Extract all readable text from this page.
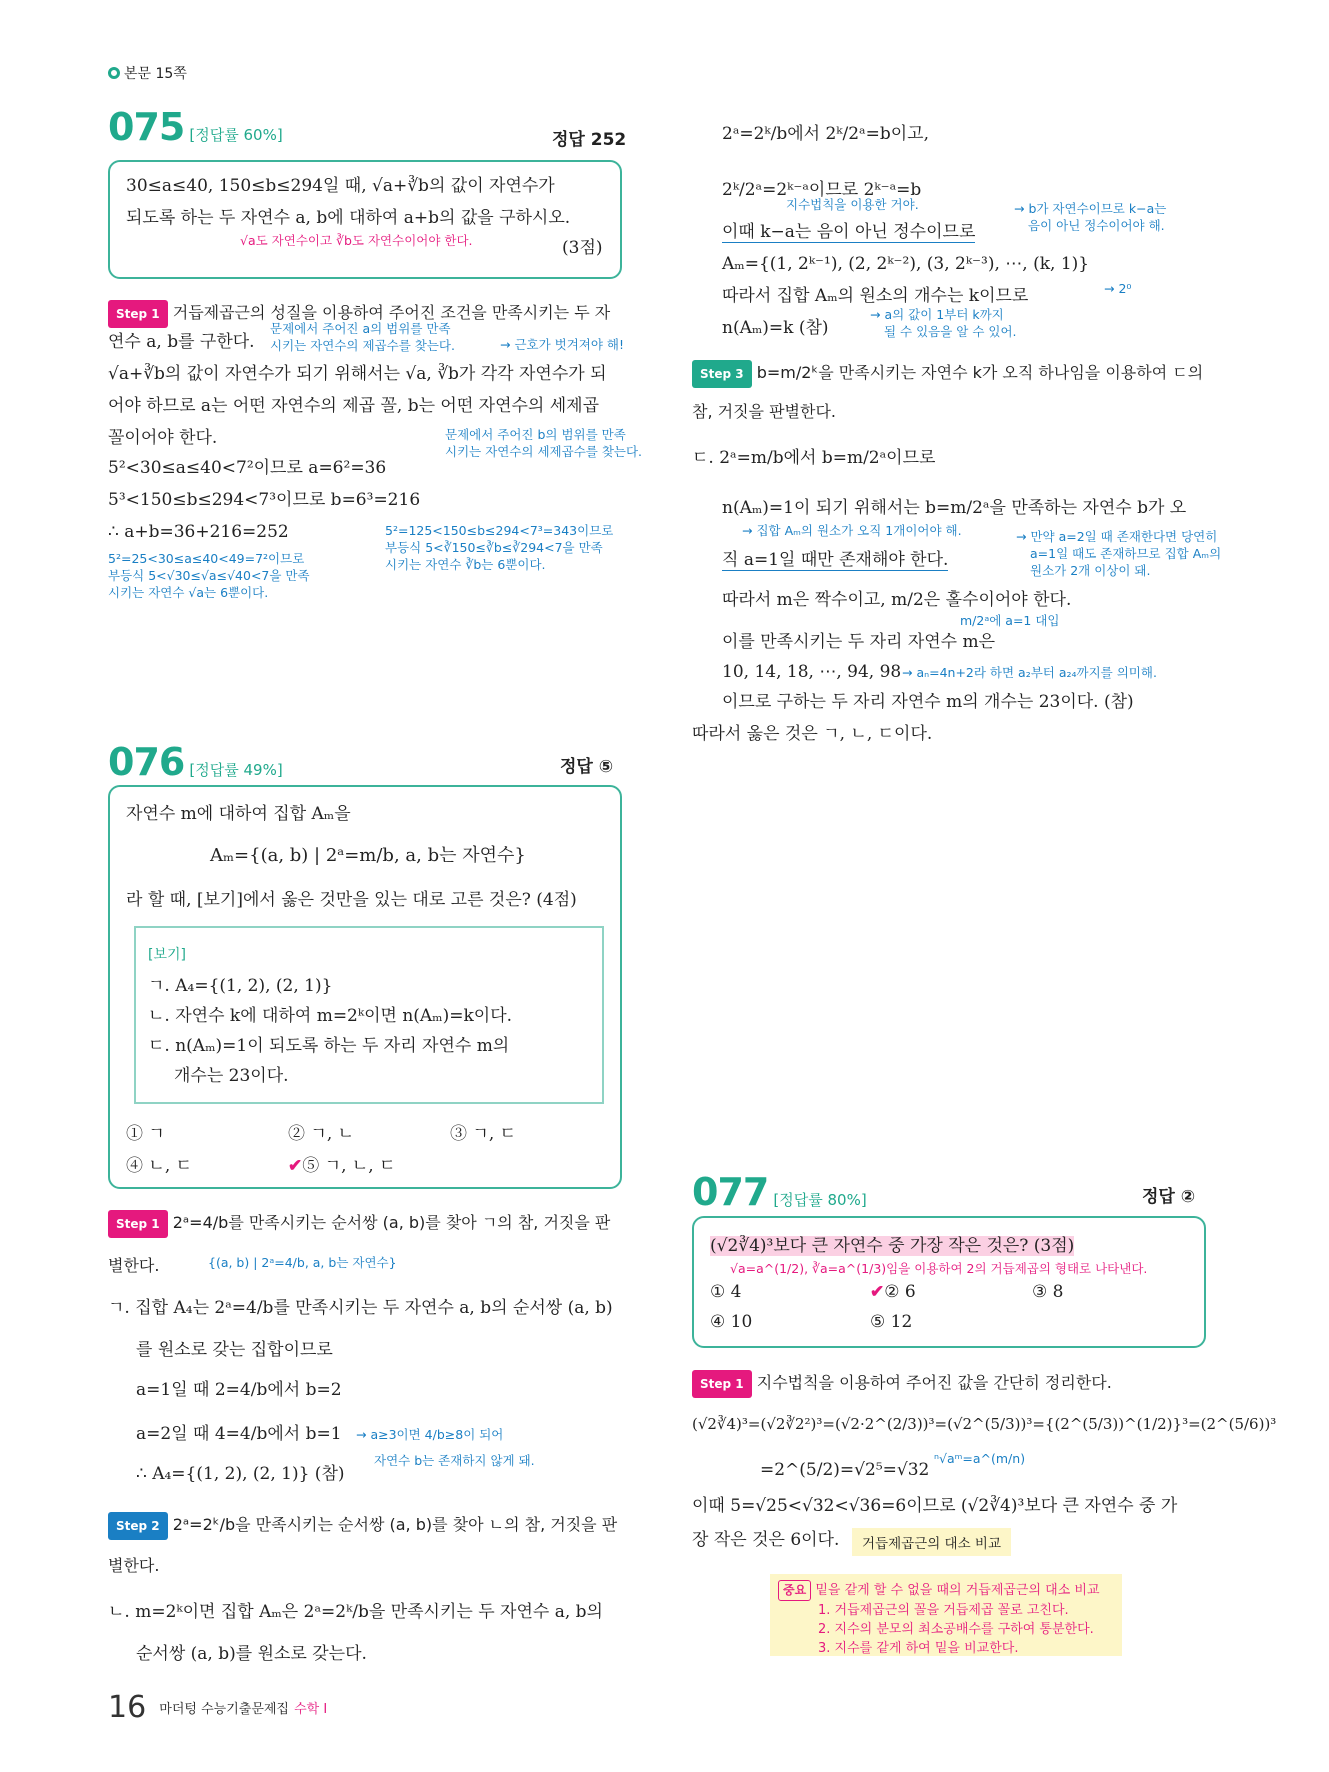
본문 15쪽
075 [정답률 60%]	정답 252
30≤a≤40, 150≤b≤294일 때, √a+∛b의 값이 자연수가
되도록 하는 두 자연수 a, b에 대하여 a+b의 값을 구하시오.
√a도 자연수이고 ∛b도 자연수이어야 한다.	(3점)
Step 1 거듭제곱근의 성질을 이용하여 주어진 조건을 만족시키는 두 자
연수 a, b를 구한다.
문제에서 주어진 a의 범위를 만족
시키는 자연수의 제곱수를 찾는다.	→ 근호가 벗겨져야 해!
√a+∛b의 값이 자연수가 되기 위해서는 √a, ∛b가 각각 자연수가 되
어야 하므로 a는 어떤 자연수의 제곱 꼴, b는 어떤 자연수의 세제곱
꼴이어야 한다.	문제에서 주어진 b의 범위를 만족
시키는 자연수의 세제곱수를 찾는다.
5²<30≤a≤40<7²이므로 a=6²=36
5³<150≤b≤294<7³이므로 b=6³=216
∴ a+b=36+216=252	5²=125<150≤b≤294<7³=343이므로
부등식 5<∛150≤∛b≤∛294<7을 만족
시키는 자연수 ∛b는 6뿐이다.
5²=25<30≤a≤40<49=7²이므로
부등식 5<√30≤√a≤√40<7을 만족
시키는 자연수 √a는 6뿐이다.
076 [정답률 49%]	정답 ⑤
자연수 m에 대하여 집합 Aₘ을
Aₘ={(a, b) | 2ᵃ=m/b, a, b는 자연수}
라 할 때, [보기]에서 옳은 것만을 있는 대로 고른 것은? (4점)
[보기]
ㄱ. A₄={(1, 2), (2, 1)}
ㄴ. 자연수 k에 대하여 m=2ᵏ이면 n(Aₘ)=k이다.
ㄷ. n(Aₘ)=1이 되도록 하는 두 자리 자연수 m의
개수는 23이다.
① ㄱ	② ㄱ, ㄴ	③ ㄱ, ㄷ
④ ㄴ, ㄷ	✔⑤ ㄱ, ㄴ, ㄷ
Step 1 2ᵃ=4/b를 만족시키는 순서쌍 (a, b)를 찾아 ㄱ의 참, 거짓을 판
별한다.	{(a, b) | 2ᵃ=4/b, a, b는 자연수}
ㄱ. 집합 A₄는 2ᵃ=4/b를 만족시키는 두 자연수 a, b의 순서쌍 (a, b)
를 원소로 갖는 집합이므로
a=1일 때 2=4/b에서 b=2
a=2일 때 4=4/b에서 b=1 → a≥3이면 4/b≥8이 되어
∴ A₄={(1, 2), (2, 1)} (참)
자연수 b는 존재하지 않게 돼.
Step 2 2ᵃ=2ᵏ/b을 만족시키는 순서쌍 (a, b)를 찾아 ㄴ의 참, 거짓을 판
별한다.
ㄴ. m=2ᵏ이면 집합 Aₘ은 2ᵃ=2ᵏ/b을 만족시키는 두 자연수 a, b의
순서쌍 (a, b)를 원소로 갖는다.
2ᵃ=2ᵏ/b에서 2ᵏ/2ᵃ=b이고,
2ᵏ/2ᵃ=2ᵏ⁻ᵃ이므로 2ᵏ⁻ᵃ=b
지수법칙을 이용한 거야.
이때 k−a는 음이 아닌 정수이므로
→ b가 자연수이므로 k−a는
음이 아닌 정수이어야 해.
Aₘ={(1, 2ᵏ⁻¹), (2, 2ᵏ⁻²), (3, 2ᵏ⁻³), ⋯, (k, 1)}
→ 2⁰
따라서 집합 Aₘ의 원소의 개수는 k이므로
n(Aₘ)=k (참)
→ a의 값이 1부터 k까지
될 수 있음을 알 수 있어.
Step 3 b=m/2ᵏ을 만족시키는 자연수 k가 오직 하나임을 이용하여 ㄷ의
참, 거짓을 판별한다.
ㄷ. 2ᵃ=m/b에서 b=m/2ᵃ이므로
n(Aₘ)=1이 되기 위해서는 b=m/2ᵃ을 만족하는 자연수 b가 오
→ 집합 Aₘ의 원소가 오직 1개이어야 해.
직 a=1일 때만 존재해야 한다.
→ 만약 a=2일 때 존재한다면 당연히
a=1일 때도 존재하므로 집합 Aₘ의
원소가 2개 이상이 돼.
따라서 m은 짝수이고, m/2은 홀수이어야 한다.
m/2ᵃ에 a=1 대입
이를 만족시키는 두 자리 자연수 m은
10, 14, 18, ⋯, 94, 98 → aₙ=4n+2라 하면 a₂부터 a₂₄까지를 의미해.
이므로 구하는 두 자리 자연수 m의 개수는 23이다. (참)
따라서 옳은 것은 ㄱ, ㄴ, ㄷ이다.
077 [정답률 80%]	정답 ②
(√2∛4)³보다 큰 자연수 중 가장 작은 것은? (3점)
√a=a^(1/2), ∛a=a^(1/3)임을 이용하여 2의 거듭제곱의 형태로 나타낸다.
① 4	✔② 6	③ 8
④ 10	⑤ 12
Step 1 지수법칙을 이용하여 주어진 값을 간단히 정리한다.
(√2∛4)³=(√2∛2²)³=(√2·2^(2/3))³=(√2^(5/3))³={(2^(5/3))^(1/2)}³=(2^(5/6))³
=2^(5/2)=√2⁵=√32
ⁿ√aᵐ=a^(m/n)
이때 5=√25<√32<√36=6이므로 (√2∛4)³보다 큰 자연수 중 가
장 작은 것은 6이다.	거듭제곱근의 대소 비교
중요 밑을 같게 할 수 없을 때의 거듭제곱근의 대소 비교
1. 거듭제곱근의 꼴을 거듭제곱 꼴로 고친다.
2. 지수의 분모의 최소공배수를 구하여 통분한다.
3. 지수를 같게 하여 밑을 비교한다.
16 마더텅 수능기출문제집 수학 I
